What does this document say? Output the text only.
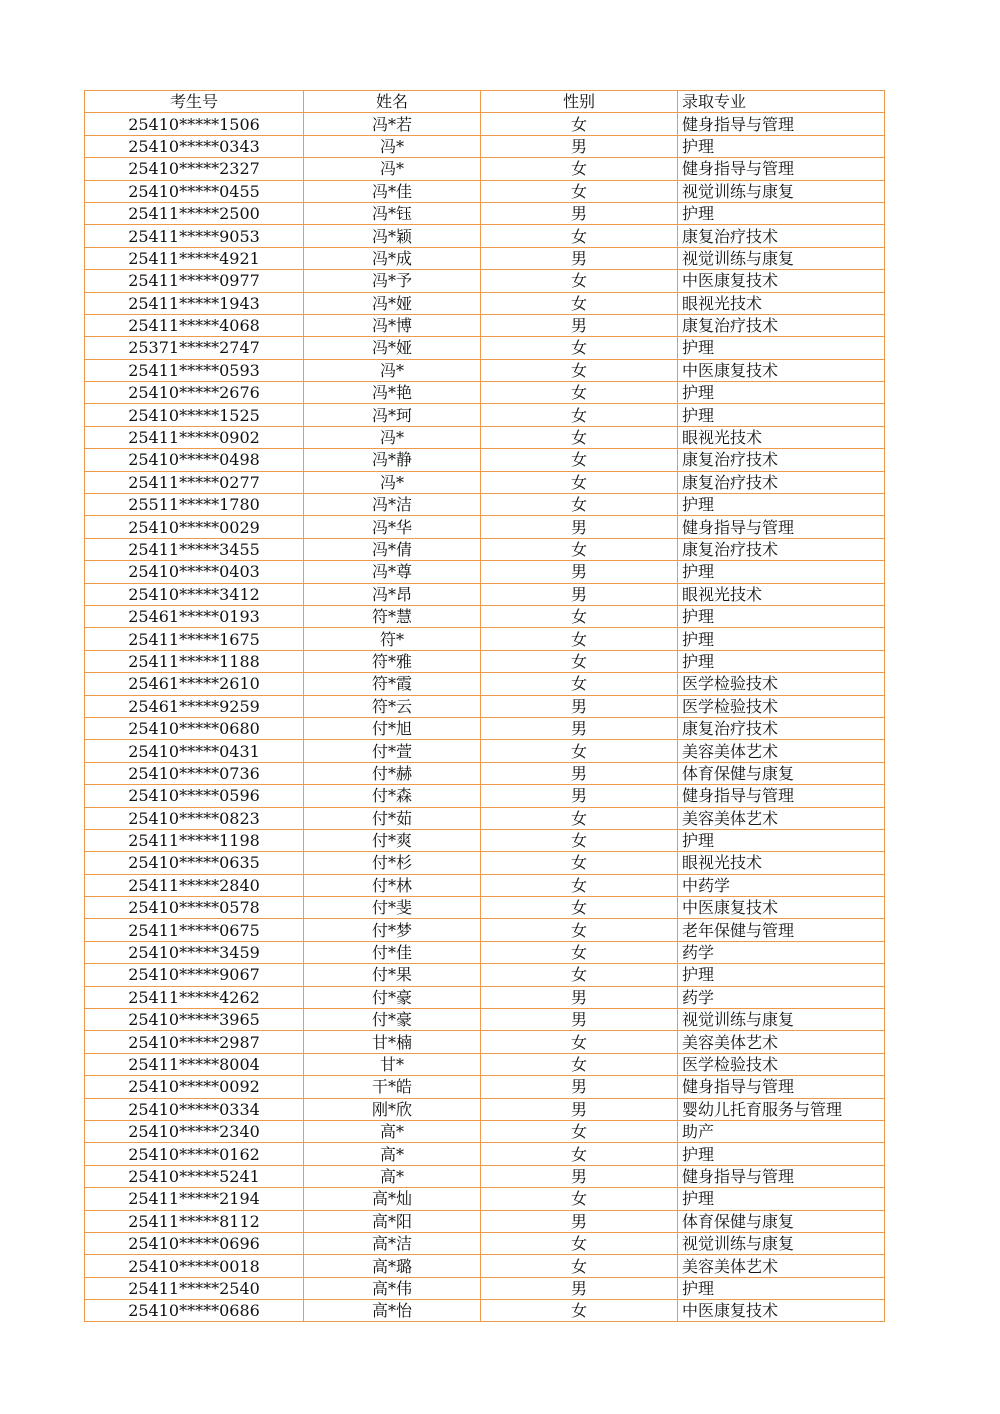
考生号	姓名	性别	录取专业
25410*****1506	冯*若	女	健身指导与管理
25410*****0343	冯*	男	护理
25410*****2327	冯*	女	健身指导与管理
25410*****0455	冯*佳	女	视觉训练与康复
25411*****2500	冯*钰	男	护理
25411*****9053	冯*颖	女	康复治疗技术
25411*****4921	冯*成	男	视觉训练与康复
25411*****0977	冯*予	女	中医康复技术
25411*****1943	冯*娅	女	眼视光技术
25411*****4068	冯*博	男	康复治疗技术
25371*****2747	冯*娅	女	护理
25411*****0593	冯*	女	中医康复技术
25410*****2676	冯*艳	女	护理
25410*****1525	冯*珂	女	护理
25411*****0902	冯*	女	眼视光技术
25410*****0498	冯*静	女	康复治疗技术
25411*****0277	冯*	女	康复治疗技术
25511*****1780	冯*洁	女	护理
25410*****0029	冯*华	男	健身指导与管理
25411*****3455	冯*倩	女	康复治疗技术
25410*****0403	冯*尊	男	护理
25410*****3412	冯*昂	男	眼视光技术
25461*****0193	符*慧	女	护理
25411*****1675	符*	女	护理
25411*****1188	符*雅	女	护理
25461*****2610	符*霞	女	医学检验技术
25461*****9259	符*云	男	医学检验技术
25410*****0680	付*旭	男	康复治疗技术
25410*****0431	付*萱	女	美容美体艺术
25410*****0736	付*赫	男	体育保健与康复
25410*****0596	付*森	男	健身指导与管理
25410*****0823	付*茹	女	美容美体艺术
25411*****1198	付*爽	女	护理
25410*****0635	付*杉	女	眼视光技术
25411*****2840	付*林	女	中药学
25410*****0578	付*斐	女	中医康复技术
25411*****0675	付*梦	女	老年保健与管理
25410*****3459	付*佳	女	药学
25410*****9067	付*果	女	护理
25411*****4262	付*豪	男	药学
25410*****3965	付*豪	男	视觉训练与康复
25410*****2987	甘*楠	女	美容美体艺术
25411*****8004	甘*	女	医学检验技术
25410*****0092	干*皓	男	健身指导与管理
25410*****0334	刚*欣	男	婴幼儿托育服务与管理
25410*****2340	高*	女	助产
25410*****0162	高*	女	护理
25410*****5241	高*	男	健身指导与管理
25411*****2194	高*灿	女	护理
25411*****8112	高*阳	男	体育保健与康复
25410*****0696	高*洁	女	视觉训练与康复
25410*****0018	高*璐	女	美容美体艺术
25411*****2540	高*伟	男	护理
25410*****0686	高*怡	女	中医康复技术
